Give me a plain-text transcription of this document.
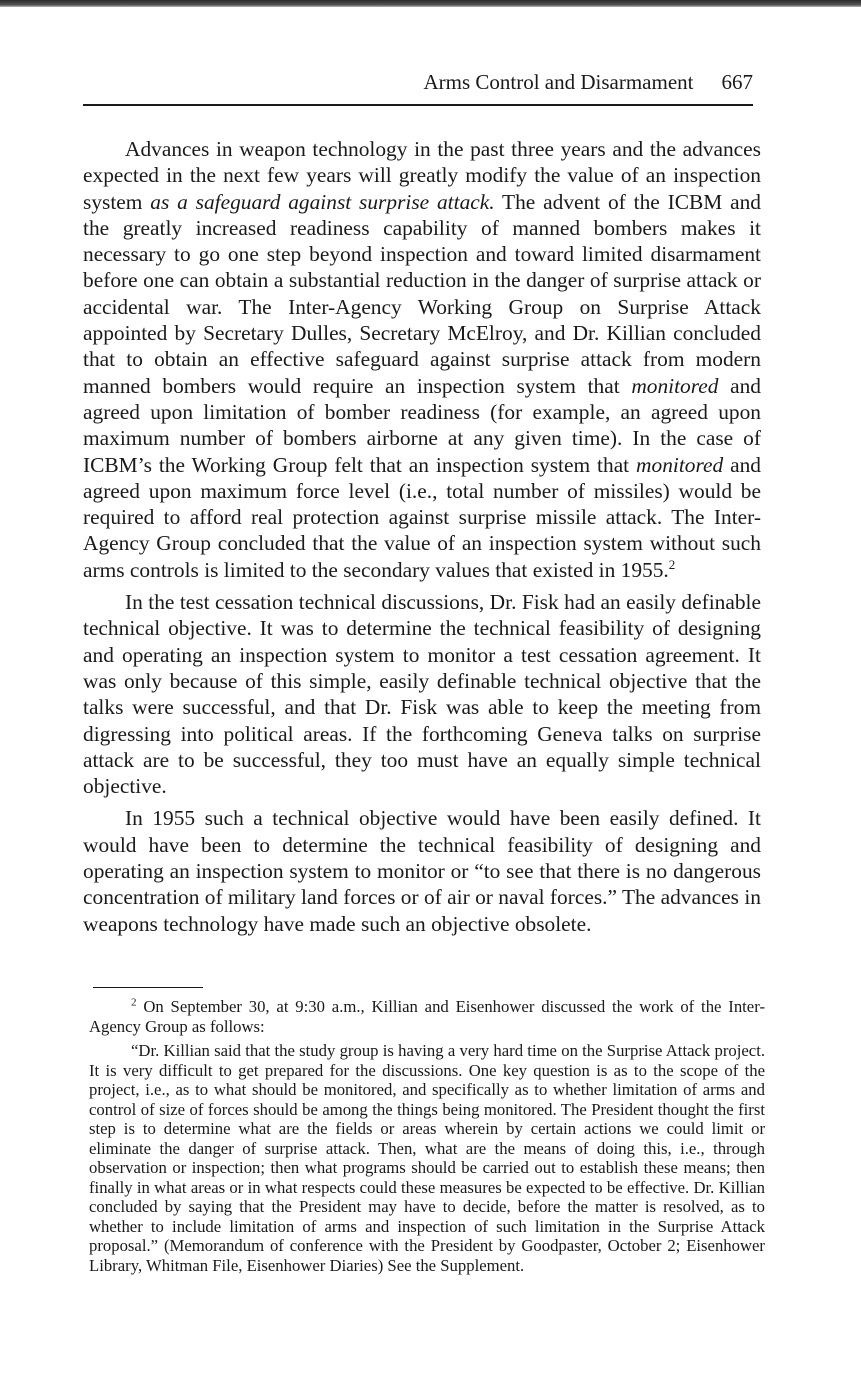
Arms Control and Disarmament 667

Advances in weapon technology in the past three years and the advances expected in the next few years will greatly modify the value of an inspection system as a safeguard against surprise attack. The advent of the ICBM and the greatly increased readiness capability of manned bombers makes it necessary to go one step beyond inspection and toward limited disarmament before one can obtain a substantial reduction in the danger of surprise attack or accidental war. The Inter-Agency Working Group on Surprise Attack appointed by Secretary Dulles, Secretary McElroy, and Dr. Killian concluded that to obtain an effective safeguard against surprise attack from modern manned bombers would require an inspection system that monitored and agreed upon limitation of bomber readiness (for example, an agreed upon maximum number of bombers airborne at any given time). In the case of ICBM’s the Working Group felt that an inspection system that monitored and agreed upon maximum force level (i.e., total number of missiles) would be required to afford real protection against surprise missile attack. The Inter-Agency Group concluded that the value of an inspection system without such arms controls is limited to the secondary values that existed in 1955.$^2$

In the test cessation technical discussions, Dr. Fisk had an easily definable technical objective. It was to determine the technical feasibility of designing and operating an inspection system to monitor a test cessation agreement. It was only because of this simple, easily definable technical objective that the talks were successful, and that Dr. Fisk was able to keep the meeting from digressing into political areas. If the forthcoming Geneva talks on surprise attack are to be successful, they too must have an equally simple technical objective.

In 1955 such a technical objective would have been easily defined. It would have been to determine the technical feasibility of designing and operating an inspection system to monitor or “to see that there is no dangerous concentration of military land forces or of air or naval forces.” The advances in weapons technology have made such an objective obsolete.

$^2$ On September 30, at 9:30 a.m., Killian and Eisenhower discussed the work of the Inter-Agency Group as follows:

“Dr. Killian said that the study group is having a very hard time on the Surprise Attack project. It is very difficult to get prepared for the discussions. One key question is as to the scope of the project, i.e., as to what should be monitored, and specifically as to whether limitation of arms and control of size of forces should be among the things being monitored. The President thought the first step is to determine what are the fields or areas wherein by certain actions we could limit or eliminate the danger of surprise attack. Then, what are the means of doing this, i.e., through observation or inspection; then what programs should be carried out to establish these means; then finally in what areas or in what respects could these measures be expected to be effective. Dr. Killian concluded by saying that the President may have to decide, before the matter is resolved, as to whether to include limitation of arms and inspection of such limitation in the Surprise Attack proposal.” (Memorandum of conference with the President by Goodpaster, October 2; Eisenhower Library, Whitman File, Eisenhower Diaries) See the Supplement.
